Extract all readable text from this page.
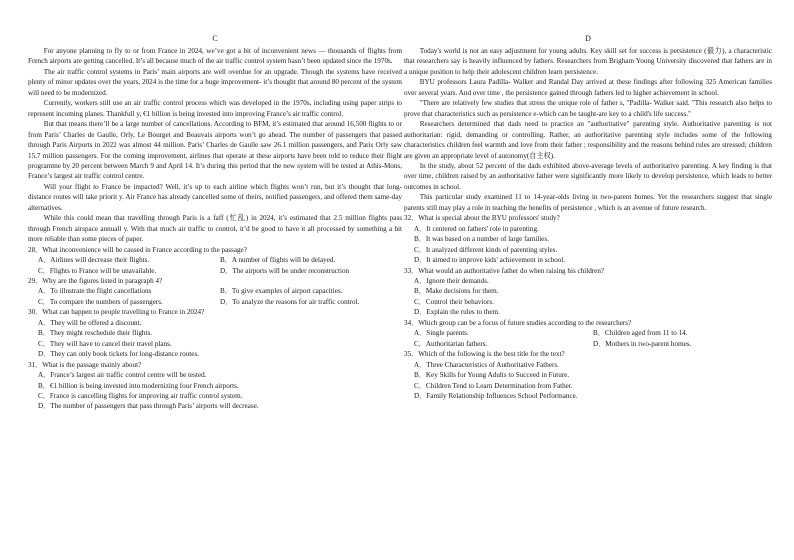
C

For anyone planning to fly to or from France in 2024, we’ve got a bit of inconvenient news — thousands of flights from French airports are getting cancelled. It’s all because much of the air traffic control system hasn’t been updated since the 1970s.

The air traffic control systems in Paris’ main airports are well overdue for an upgrade. Though the systems have received plenty of minor updates over the years, 2024 is the time for a huge improvement- it’s thought that around 80 percent of the system will need to be modernized.

Currently, workers still use an air traffic control process which was developed in the 1970s, including using paper strips to represent incoming planes. Thankfull y, €1 billion is being invested into improving France’s air traffic control.

But that means there’ll be a large number of cancellations. According to BFM, it’s estimated that around 16,500 flights to or from Paris’ Charles de Gaulle, Orly, Le Bourget and Beauvais airports won’t go ahead. The number of passengers that passed through Paris Airports in 2022 was almost 44 million. Paris’ Charles de Gaulle saw 26.1 million passengers, and Paris Orly saw 15.7 million passengers. For the coming improvement, airlines that operate at these airports have been told to reduce their flight programme by 20 percent between March 9 and April 14. It’s during this period that the new system will be tested at Athis-Mons, France’s largest air traffic control centre.

Will your flight to France be impacted? Well, it’s up to each airline which flights won’t run, but it’s thought that long-distance routes will take priorit y. Air France has already cancelled some of theirs, notified passengers, and offered them same-day alternatives.

While this could mean that travelling through Paris is a faff (忙乱) in 2024, it’s estimated that 2.5 million flights pass through French airspace annuall y. With that much air traffic to control, it’d be good to have it all processed by something a bit more reliable than some pieces of paper.

28．What inconvenience will be caused in France according to the passage?

A．Airlines will decrease their flights.	B．A number of flights will be delayed.

C．Flights to France will be unavailable.	D．The airports will be under reconstruction

29．Why are the figures listed in paragraph 4?

A．To illustrate the flight cancellations	B．To give examples of airport capacities.

C．To compare the numbers of passengers.	D．To analyze the reasons for air traffic control.

30．What can happen to people travelling to France in 2024?

A．They will be offered a discount.

B．They might reschedule their flights.

C．They will have to cancel their travel plans.

D．They can only book tickets for long-distance routes.

31．What is the passage mainly about?

A．France’s largest air traffic control centre will be tested.

B．€1 billion is being invested into modernizing four French airports.

C．France is cancelling flights for improving air traffic control system.

D．The number of passengers that pass through Paris’ airports will decrease.

D

Today's world is not an easy adjustment for young adults. Key skill set for success is persistence (毅力), a characteristic that researchers say is heavily influenced by fathers. Researchers from Brigham Young University discovered that fathers are in a unique position to help their adolescent children learn persistence.

BYU professors Laura Padilla- Walker and Randal Day arrived at these findings after following 325 American families over several years. And over time , the persistence gained through fathers led to higher achievement in school.

"There are relatively few studies that stress the unique role of father s, "Padilla- Walker said. "This research also helps to prove that characteristics such as persistence e-which can be taught-are key to a child's life success."

Researchers determined that dads need to practice an "authoritative" parenting style. Authoritative parenting is not authoritarian: rigid, demanding or controlling. Rather, an authoritative parenting style includes some of the following characteristics children feel warmth and love from their father ; responsibility and the reasons behind rules are stressed; children are given an appropriate level of autonomy(自主权).

In the study, about 52 percent of the dads exhibited above-average levels of authoritative parenting. A key finding is that over time, children raised by an authoritative father were significantly more likely to develop persistence, which leads to better outcomes in school.

This particular study examined 11 to 14-year-olds living in two-parent homes. Yet the researchers suggest that single parents still may play a role in teaching the benefits of persistence , which is an avenue of future research.

32．What is special about the BYU professors' study?

A．It centered on fathers' role in parenting.

B．It was based on a number of large families.

C．It analyzed different kinds of parenting styles.

D．It aimed to improve kids' achievement in school.

33．What would an authoritative father do when raising his children?

A．Ignore their demands.

B．Make decisions for them.

C．Control their behaviors.

D．Explain the rules to them.

34．Which group can be a focus of future studies according to the researchers?

A．Single parents.	B．Children aged from 11 to 14.

C．Authoritarian fathers.	D．Mothers in two-parent homes.

35．Which of the following is the best title for the text?

A．Three Characteristics of Authoritative Fathers.

B．Key Skills for Young Adults to Succeed in Future.

C．Children Tend to Learn Determination from Father.

D．Family Relationship Influences School Performance.
